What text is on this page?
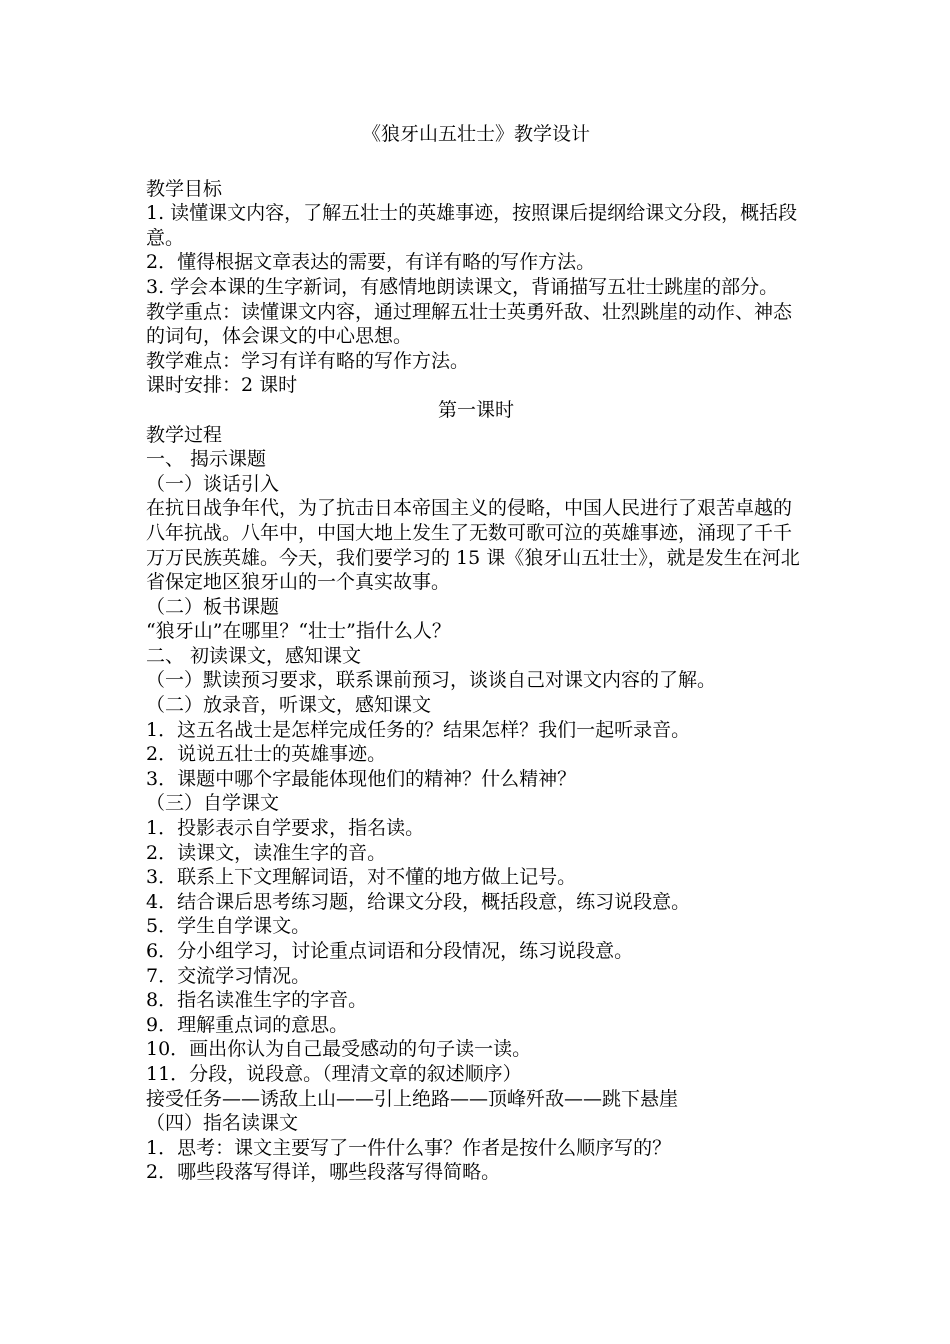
《狼牙山五壮士》教学设计
教学目标
1. 读懂课文内容，了解五壮士的英雄事迹，按照课后提纲给课文分段，概括段意。
2．懂得根据文章表达的需要，有详有略的写作方法。
3. 学会本课的生字新词，有感情地朗读课文，背诵描写五壮士跳崖的部分。
教学重点：读懂课文内容，通过理解五壮士英勇歼敌、壮烈跳崖的动作、神态的词句，体会课文的中心思想。
教学难点：学习有详有略的写作方法。
课时安排：2 课时
第一课时
教学过程
一、 揭示课题
（一）谈话引入
在抗日战争年代，为了抗击日本帝国主义的侵略，中国人民进行了艰苦卓越的八年抗战。八年中，中国大地上发生了无数可歌可泣的英雄事迹，涌现了千千万万民族英雄。今天，我们要学习的 15 课《狼牙山五壮士》，就是发生在河北省保定地区狼牙山的一个真实故事。
（二）板书课题
“狼牙山”在哪里？“壮士”指什么人？
二、 初读课文，感知课文
（一）默读预习要求，联系课前预习，谈谈自己对课文内容的了解。
（二）放录音，听课文，感知课文
1．这五名战士是怎样完成任务的？结果怎样？我们一起听录音。
2．说说五壮士的英雄事迹。
3．课题中哪个字最能体现他们的精神？什么精神？
（三）自学课文
1．投影表示自学要求，指名读。
2．读课文，读准生字的音。
3．联系上下文理解词语，对不懂的地方做上记号。
4．结合课后思考练习题，给课文分段，概括段意，练习说段意。
5．学生自学课文。
6．分小组学习，讨论重点词语和分段情况，练习说段意。
7．交流学习情况。
8．指名读准生字的字音。
9．理解重点词的意思。
10．画出你认为自己最受感动的句子读一读。
11．分段，说段意。（理清文章的叙述顺序）
接受任务——诱敌上山——引上绝路——顶峰歼敌——跳下悬崖
（四）指名读课文
1．思考：课文主要写了一件什么事？作者是按什么顺序写的？
2．哪些段落写得详，哪些段落写得简略。
